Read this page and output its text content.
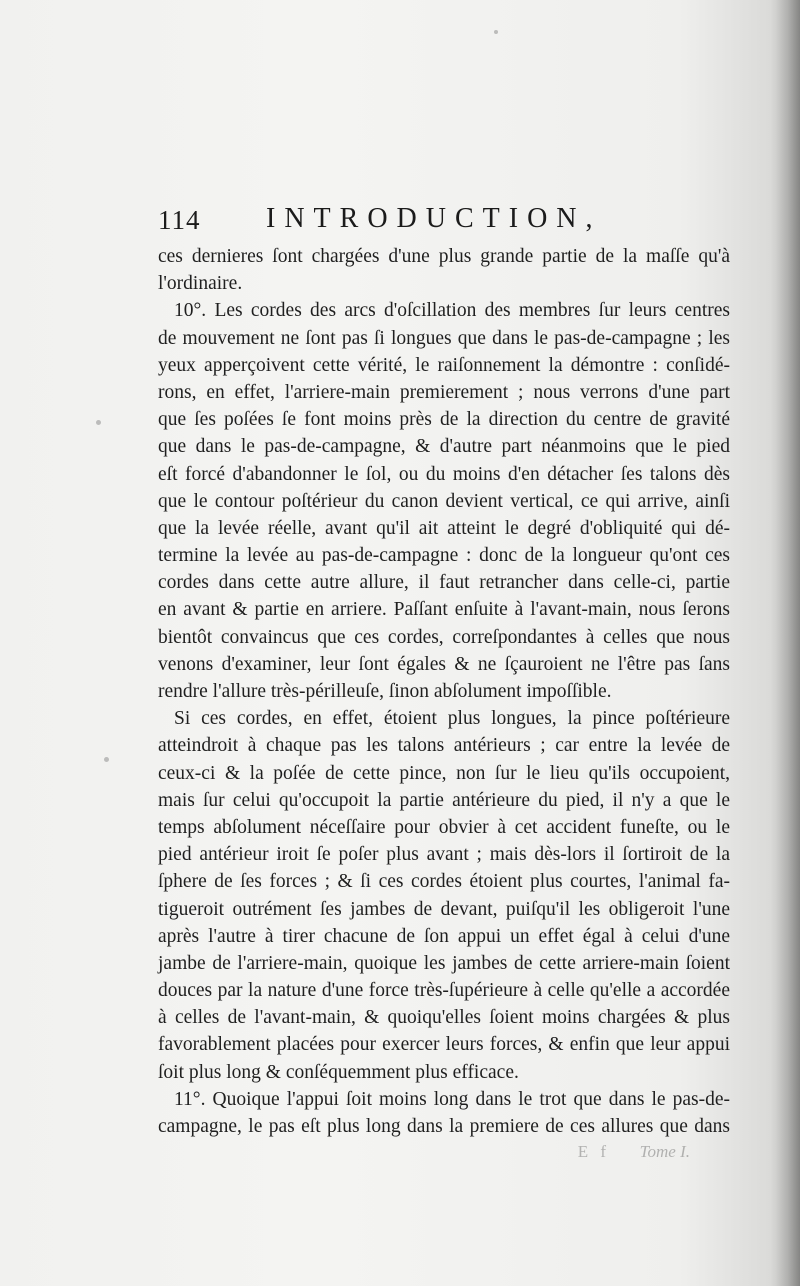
114 INTRODUCTION,
ces dernieres ſont chargées d'une plus grande partie de la maſſe qu'à
l'ordinaire.
10°. Les cordes des arcs d'oſcillation des membres ſur leurs centres
de mouvement ne ſont pas ſi longues que dans le pas-de-campagne ; les
yeux apperçoivent cette vérité, le raiſonnement la démontre : conſidé-
rons, en effet, l'arriere-main premierement ; nous verrons d'une part
que ſes poſées ſe font moins près de la direction du centre de gravité
que dans le pas-de-campagne, & d'autre part néanmoins que le pied
eſt forcé d'abandonner le ſol, ou du moins d'en détacher ſes talons dès
que le contour poſtérieur du canon devient vertical, ce qui arrive, ainſi
que la levée réelle, avant qu'il ait atteint le degré d'obliquité qui dé-
termine la levée au pas-de-campagne : donc de la longueur qu'ont ces
cordes dans cette autre allure, il faut retrancher dans celle-ci, partie
en avant & partie en arriere. Paſſant enſuite à l'avant-main, nous ſerons
bientôt convaincus que ces cordes, correſpondantes à celles que nous
venons d'examiner, leur ſont égales & ne ſçauroient ne l'être pas ſans
rendre l'allure très-périlleuſe, ſinon abſolument impoſſible.
Si ces cordes, en effet, étoient plus longues, la pince poſtérieure
atteindroit à chaque pas les talons antérieurs ; car entre la levée de
ceux-ci & la poſée de cette pince, non ſur le lieu qu'ils occupoient,
mais ſur celui qu'occupoit la partie antérieure du pied, il n'y a que le
temps abſolument néceſſaire pour obvier à cet accident funeſte, ou le
pied antérieur iroit ſe poſer plus avant ; mais dès-lors il ſortiroit de la
ſphere de ſes forces ; & ſi ces cordes étoient plus courtes, l'animal fa-
tigueroit outrément ſes jambes de devant, puiſqu'il les obligeroit l'une
après l'autre à tirer chacune de ſon appui un effet égal à celui d'une
jambe de l'arriere-main, quoique les jambes de cette arriere-main ſoient
douces par la nature d'une force très-ſupérieure à celle qu'elle a accordée
à celles de l'avant-main, & quoiqu'elles ſoient moins chargées & plus
favorablement placées pour exercer leurs forces, & enfin que leur appui
ſoit plus long & conſéquemment plus efficace.
11°. Quoique l'appui ſoit moins long dans le trot que dans le pas-de-
campagne, le pas eſt plus long dans la premiere de ces allures que dans
E f Tome I.
